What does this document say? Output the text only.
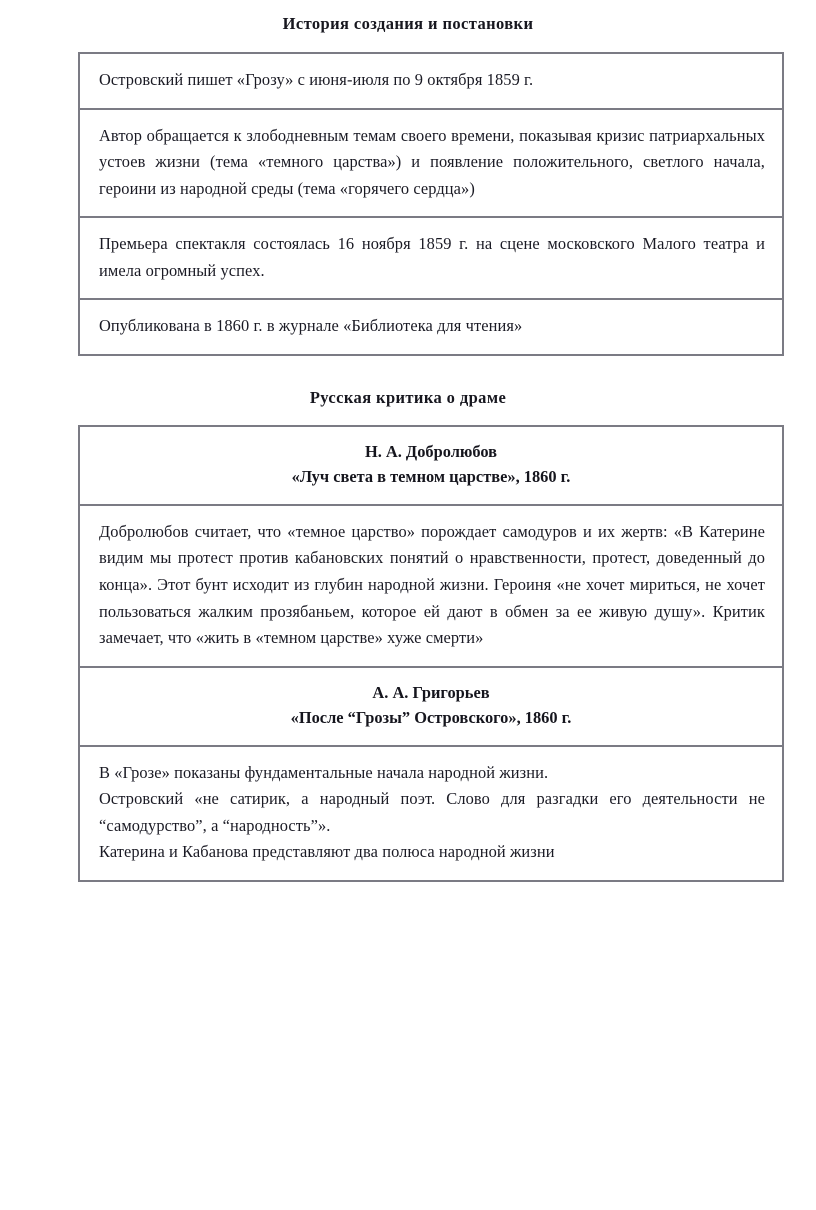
История создания и постановки
Островский пишет «Грозу» с июня-июля по 9 октября 1859 г.
Автор обращается к злободневным темам своего времени, показывая кризис патриархальных устоев жизни (тема «темного царства») и появление положительного, светлого начала, героини из народной среды (тема «горячего сердца»)
Премьера спектакля состоялась 16 ноября 1859 г. на сцене московского Малого театра и имела огромный успех.
Опубликована в 1860 г. в журнале «Библиотека для чтения»
Русская критика о драме
Н. А. Добролюбов
«Луч света в темном царстве», 1860 г.
Добролюбов считает, что «темное царство» порождает самодуров и их жертв: «В Катерине видим мы протест против кабановских понятий о нравственности, протест, доведенный до конца». Этот бунт исходит из глубин народной жизни. Героиня «не хочет мириться, не хочет пользоваться жалким прозябаньем, которое ей дают в обмен за ее живую душу». Критик замечает, что «жить в «темном царстве» хуже смерти»
А. А. Григорьев
«После “Грозы” Островского», 1860 г.

В «Грозе» показаны фундаментальные начала народной жизни.

Островский «не сатирик, а народный поэт. Слово для разгадки его деятельности не “самодурство”, а “народность”».

Катерина и Кабанова представляют два полюса народной жизни
